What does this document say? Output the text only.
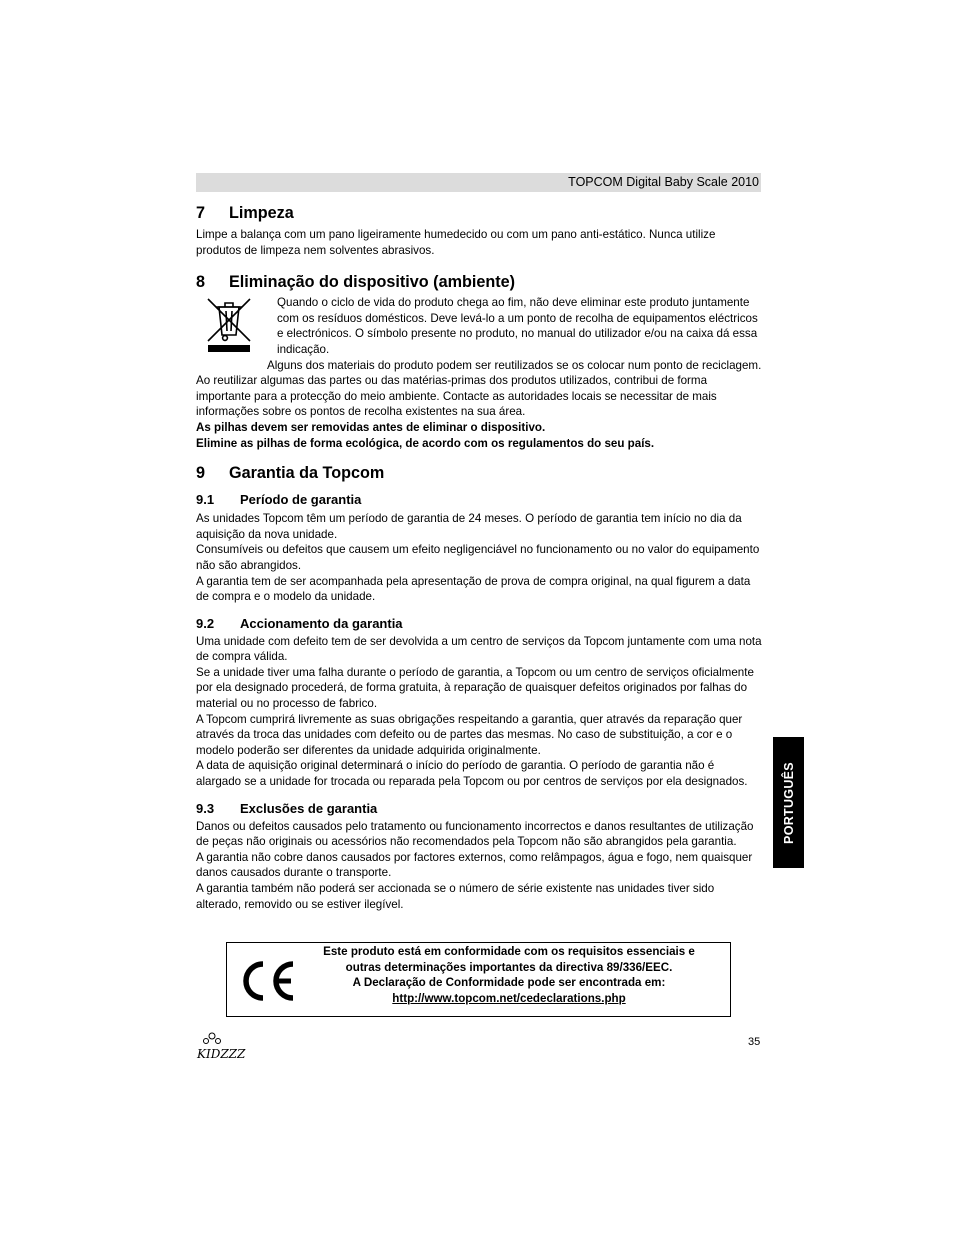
TOPCOM Digital Baby Scale 2010
7 Limpeza

Limpe a balança com um pano ligeiramente humedecido ou com um pano anti-estático. Nunca utilize produtos de limpeza nem solventes abrasivos.

8 Eliminação do dispositivo (ambiente)

Quando o ciclo de vida do produto chega ao fim, não deve eliminar este produto juntamente com os resíduos domésticos. Deve levá-lo a um ponto de recolha de equipamentos eléctricos e electrónicos. O símbolo presente no produto, no manual do utilizador e/ou na caixa dá essa indicação.

Alguns dos materiais do produto podem ser reutilizados se os colocar num ponto de reciclagem. Ao reutilizar algumas das partes ou das matérias-primas dos produtos utilizados, contribui de forma importante para a protecção do meio ambiente. Contacte as autoridades locais se necessitar de mais informações sobre os pontos de recolha existentes na sua área.

As pilhas devem ser removidas antes de eliminar o dispositivo.

Elimine as pilhas de forma ecológica, de acordo com os regulamentos do seu país.

9 Garantia da Topcom
9.1 Período de garantia

As unidades Topcom têm um período de garantia de 24 meses. O período de garantia tem início no dia da aquisição da nova unidade.

Consumíveis ou defeitos que causem um efeito negligenciável no funcionamento ou no valor do equipamento não são abrangidos.

A garantia tem de ser acompanhada pela apresentação de prova de compra original, na qual figurem a data de compra e o modelo da unidade.

9.2 Accionamento da garantia

Uma unidade com defeito tem de ser devolvida a um centro de serviços da Topcom juntamente com uma nota de compra válida.

Se a unidade tiver uma falha durante o período de garantia, a Topcom ou um centro de serviços oficialmente por ela designado procederá, de forma gratuita, à reparação de quaisquer defeitos originados por falhas do material ou no processo de fabrico.

A Topcom cumprirá livremente as suas obrigações respeitando a garantia, quer através da reparação quer através da troca das unidades com defeito ou de partes das mesmas. No caso de substituição, a cor e o modelo poderão ser diferentes da unidade adquirida originalmente.

A data de aquisição original determinará o início do período de garantia. O período de garantia não é alargado se a unidade for trocada ou reparada pela Topcom ou por centros de serviços por ela designados.

9.3 Exclusões de garantia

Danos ou defeitos causados pelo tratamento ou funcionamento incorrectos e danos resultantes de utilização de peças não originais ou acessórios não recomendados pela Topcom não são abrangidos pela garantia.

A garantia não cobre danos causados por factores externos, como relâmpagos, água e fogo, nem quaisquer danos causados durante o transporte.

A garantia também não poderá ser accionada se o número de série existente nas unidades tiver sido alterado, removido ou se estiver ilegível.

Este produto está em conformidade com os requisitos essenciais e
outras determinações importantes da directiva 89/336/EEC.
A Declaração de Conformidade pode ser encontrada em:
http://www.topcom.net/cedeclarations.php
KIDZZZ
35
PORTUGUÊS
